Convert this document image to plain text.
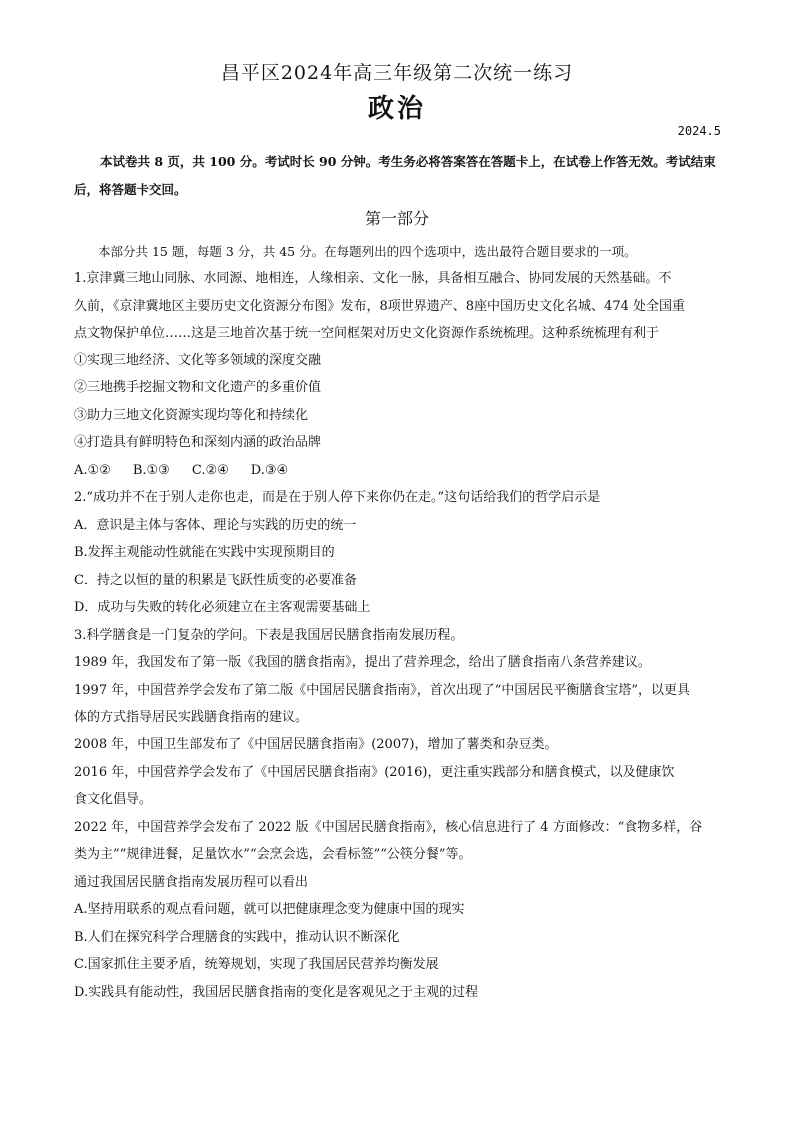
昌平区2024年高三年级第二次统一练习
政治
2024.5
本试卷共 8 页，共 100 分。考试时长 90 分钟。考生务必将答案答在答题卡上，在试卷上作答无效。考试结束后，将答题卡交回。
第一部分
本部分共 15 题，每题 3 分，共 45 分。在每题列出的四个选项中，选出最符合题目要求的一项。
1.京津冀三地山同脉、水同源、地相连，人缘相亲、文化一脉，具备相互融合、协同发展的天然基础。不
久前，《京津冀地区主要历史文化资源分布图》发布，8项世界遗产、8座中国历史文化名城、474 处全国重
点文物保护单位……这是三地首次基于统一空间框架对历史文化资源作系统梳理。这种系统梳理有利于
①实现三地经济、文化等多领域的深度交融
②三地携手挖掘文物和文化遗产的多重价值
③助力三地文化资源实现均等化和持续化
④打造具有鲜明特色和深刻内涵的政治品牌
A.①② B.①③ C.②④ D.③④
2.“成功并不在于别人走你也走，而是在于别人停下来你仍在走。”这句话给我们的哲学启示是
A．意识是主体与客体、理论与实践的历史的统一
B.发挥主观能动性就能在实践中实现预期目的
C．持之以恒的量的积累是飞跃性质变的必要准备
D．成功与失败的转化必须建立在主客观需要基础上
3.科学膳食是一门复杂的学问。下表是我国居民膳食指南发展历程。
1989 年，我国发布了第一版《我国的膳食指南》，提出了营养理念，给出了膳食指南八条营养建议。
1997 年，中国营养学会发布了第二版《中国居民膳食指南》，首次出现了“中国居民平衡膳食宝塔”，以更具
体的方式指导居民实践膳食指南的建议。
2008 年，中国卫生部发布了《中国居民膳食指南》(2007)，增加了薯类和杂豆类。
2016 年，中国营养学会发布了《中国居民膳食指南》(2016)，更注重实践部分和膳食模式，以及健康饮
食文化倡导。
2022 年，中国营养学会发布了 2022 版《中国居民膳食指南》，核心信息进行了 4 方面修改：“食物多样，谷
类为主”“规律进餐，足量饮水”“会烹会选，会看标签”“公筷分餐”等。
通过我国居民膳食指南发展历程可以看出
A.坚持用联系的观点看问题，就可以把健康理念变为健康中国的现实
B.人们在探究科学合理膳食的实践中，推动认识不断深化
C.国家抓住主要矛盾，统筹规划，实现了我国居民营养均衡发展
D.实践具有能动性，我国居民膳食指南的变化是客观见之于主观的过程
